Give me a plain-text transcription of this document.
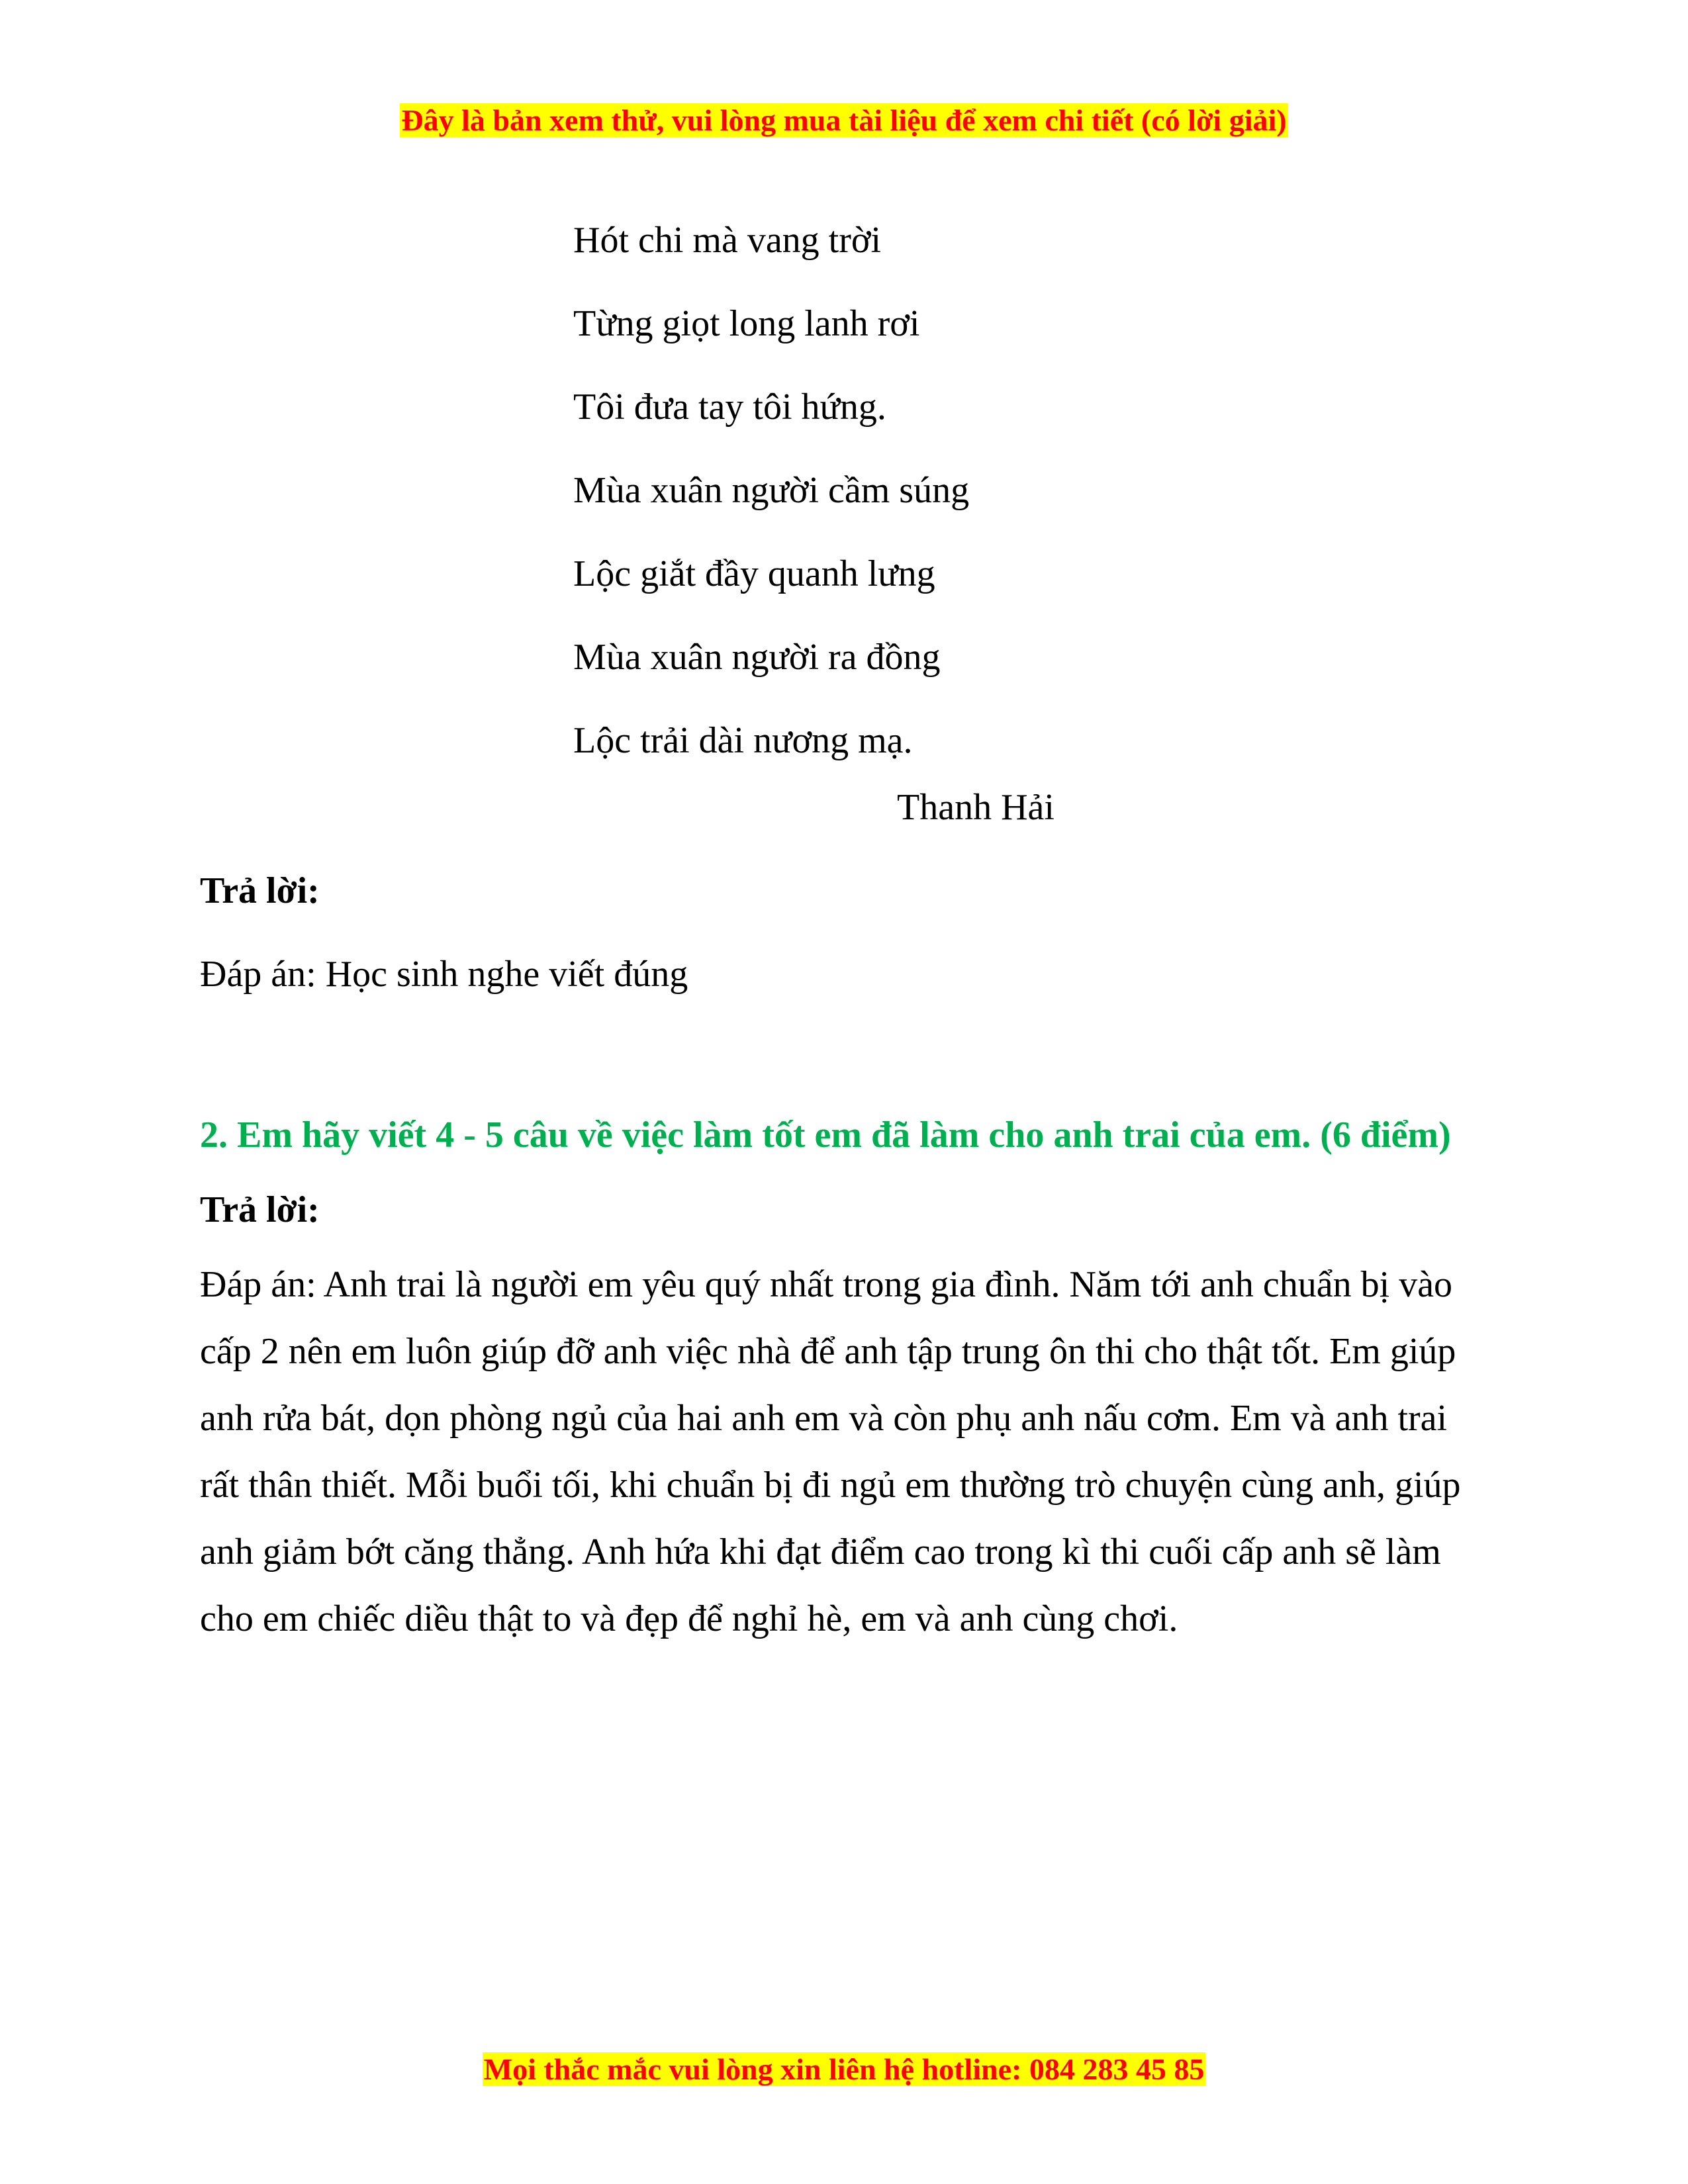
Đây là bản xem thử, vui lòng mua tài liệu để xem chi tiết (có lời giải)
Hót chi mà vang trời
Từng giọt long lanh rơi
Tôi đưa tay tôi hứng.
Mùa xuân người cầm súng
Lộc giắt đầy quanh lưng
Mùa xuân người ra đồng
Lộc trải dài nương mạ.
Thanh Hải
Trả lời:
Đáp án: Học sinh nghe viết đúng
2. Em hãy viết 4 - 5 câu về việc làm tốt em đã làm cho anh trai của em. (6 điểm)
Trả lời:
Đáp án: Anh trai là người em yêu quý nhất trong gia đình. Năm tới anh chuẩn bị vào cấp 2 nên em luôn giúp đỡ anh việc nhà để anh tập trung ôn thi cho thật tốt. Em giúp anh rửa bát, dọn phòng ngủ của hai anh em và còn phụ anh nấu cơm. Em và anh trai rất thân thiết. Mỗi buổi tối, khi chuẩn bị đi ngủ em thường trò chuyện cùng anh, giúp anh giảm bớt căng thẳng. Anh hứa khi đạt điểm cao trong kì thi cuối cấp anh sẽ làm cho em chiếc diều thật to và đẹp để nghỉ hè, em và anh cùng chơi.
Mọi thắc mắc vui lòng xin liên hệ hotline: 084 283 45 85
